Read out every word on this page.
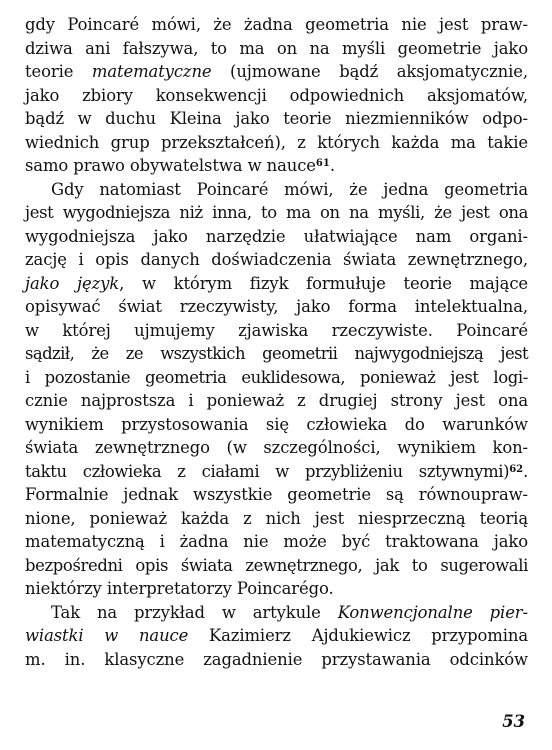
gdy Poincaré mówi, że żadna geometria nie jest praw-
dziwa ani fałszywa, to ma on na myśli geometrie jako
teorie matematyczne (ujmowane bądź aksjomatycznie,
jako zbiory konsekwencji odpowiednich aksjomatów,
bądź w duchu Kleina jako teorie niezmienników odpo-
wiednich grup przekształceń), z których każda ma takie
samo prawo obywatelstwa w nauce$^{61}$.
Gdy natomiast Poincaré mówi, że jedna geometria
jest wygodniejsza niż inna, to ma on na myśli, że jest ona
wygodniejsza jako narzędzie ułatwiające nam organi-
zację i opis danych doświadczenia świata zewnętrznego,
jako język, w którym fizyk formułuje teorie mające
opisywać świat rzeczywisty, jako forma intelektualna,
w której ujmujemy zjawiska rzeczywiste. Poincaré
sądził, że ze wszystkich geometrii najwygodniejszą jest
i pozostanie geometria euklidesowa, ponieważ jest logi-
cznie najprostsza i ponieważ z drugiej strony jest ona
wynikiem przystosowania się człowieka do warunków
świata zewnętrznego (w szczególności, wynikiem kon-
taktu człowieka z ciałami w przybliżeniu sztywnymi)$^{62}$.
Formalnie jednak wszystkie geometrie są równoupraw-
nione, ponieważ każda z nich jest niesprzeczną teorią
matematyczną i żadna nie może być traktowana jako
bezpośredni opis świata zewnętrznego, jak to sugerowali
niektórzy interpretatorzy Poincarégo.
Tak na przykład w artykule Konwencjonalne pier-
wiastki w nauce Kazimierz Ajdukiewicz przypomina
m. in. klasyczne zagadnienie przystawania odcinków
53
